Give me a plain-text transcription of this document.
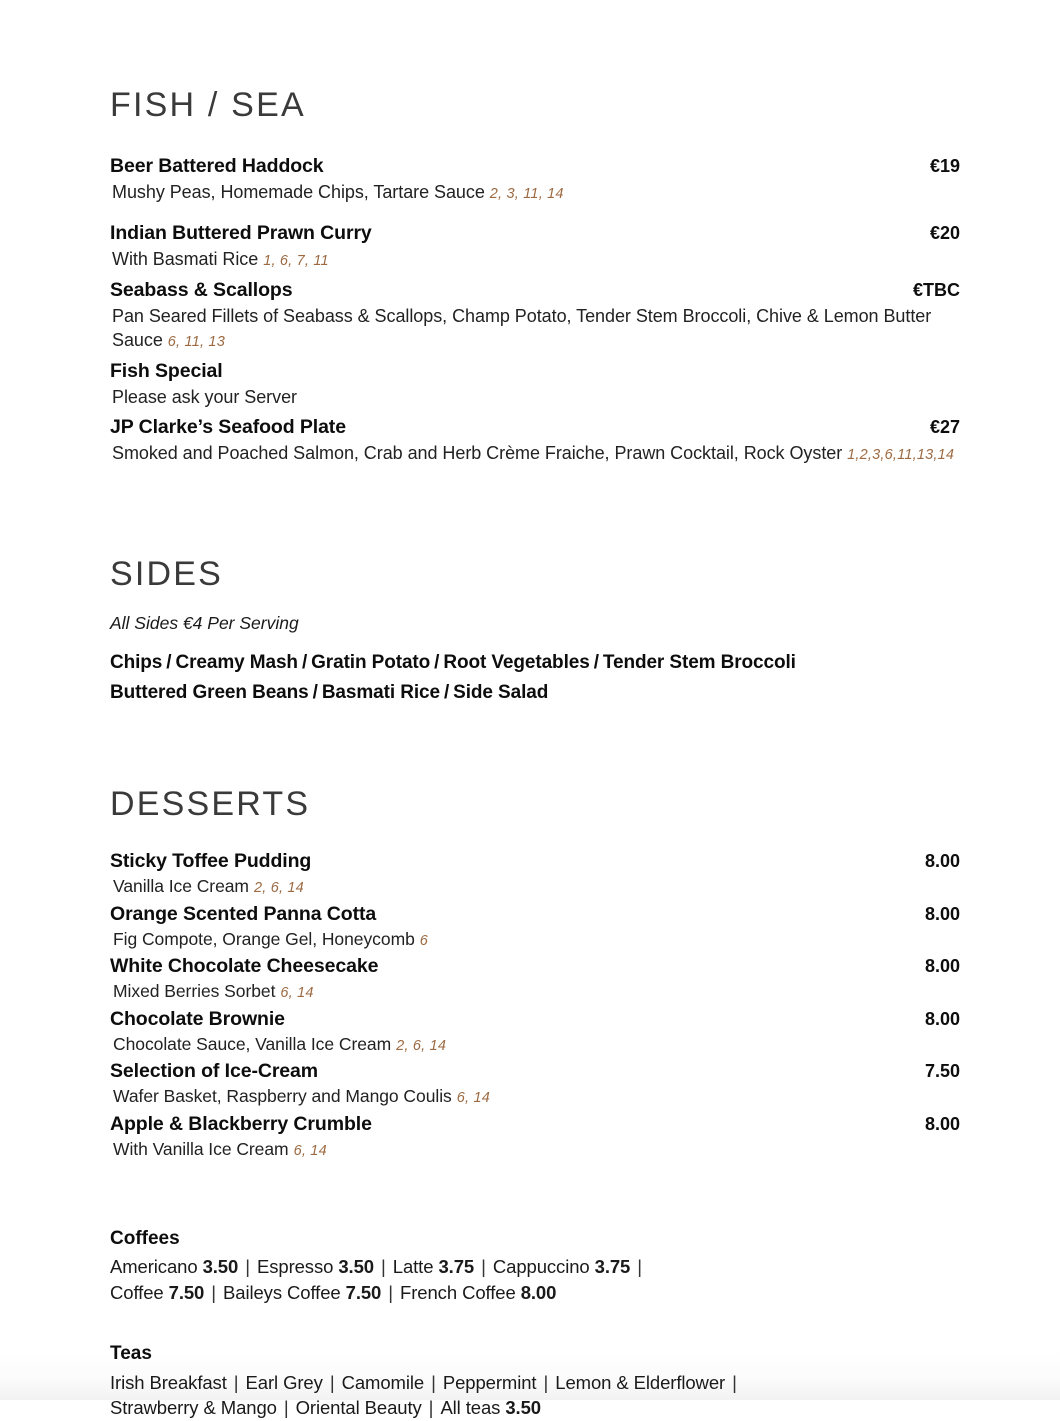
FISH / SEA
Beer Battered Haddock	€19
Mushy Peas, Homemade Chips, Tartare Sauce 2, 3, 11, 14
Indian Buttered Prawn Curry	€20
With Basmati Rice 1, 6, 7, 11
Seabass & Scallops	€TBC
Pan Seared Fillets of Seabass & Scallops, Champ Potato, Tender Stem Broccoli, Chive & Lemon Butter Sauce 6, 11, 13
Fish Special
Please ask your Server
JP Clarke’s Seafood Plate	€27
Smoked and Poached Salmon, Crab and Herb Crème Fraiche, Prawn Cocktail, Rock Oyster 1,2,3,6,11,13,14
SIDES
All Sides €4 Per Serving
Chips / Creamy Mash / Gratin Potato / Root Vegetables / Tender Stem Broccoli
Buttered Green Beans / Basmati Rice / Side Salad
DESSERTS
Sticky Toffee Pudding	8.00
Vanilla Ice Cream 2, 6, 14
Orange Scented Panna Cotta	8.00
Fig Compote, Orange Gel, Honeycomb 6
White Chocolate Cheesecake	8.00
Mixed Berries Sorbet 6, 14
Chocolate Brownie	8.00
Chocolate Sauce, Vanilla Ice Cream 2, 6, 14
Selection of Ice-Cream	7.50
Wafer Basket, Raspberry and Mango Coulis 6, 14
Apple & Blackberry Crumble	8.00
With Vanilla Ice Cream 6, 14
Coffees
Americano 3.50 | Espresso 3.50 | Latte 3.75 | Cappuccino 3.75 |
Coffee 7.50 | Baileys Coffee 7.50 | French Coffee 8.00
Teas
Irish Breakfast | Earl Grey | Camomile | Peppermint | Lemon & Elderflower |
Strawberry & Mango | Oriental Beauty | All teas 3.50
